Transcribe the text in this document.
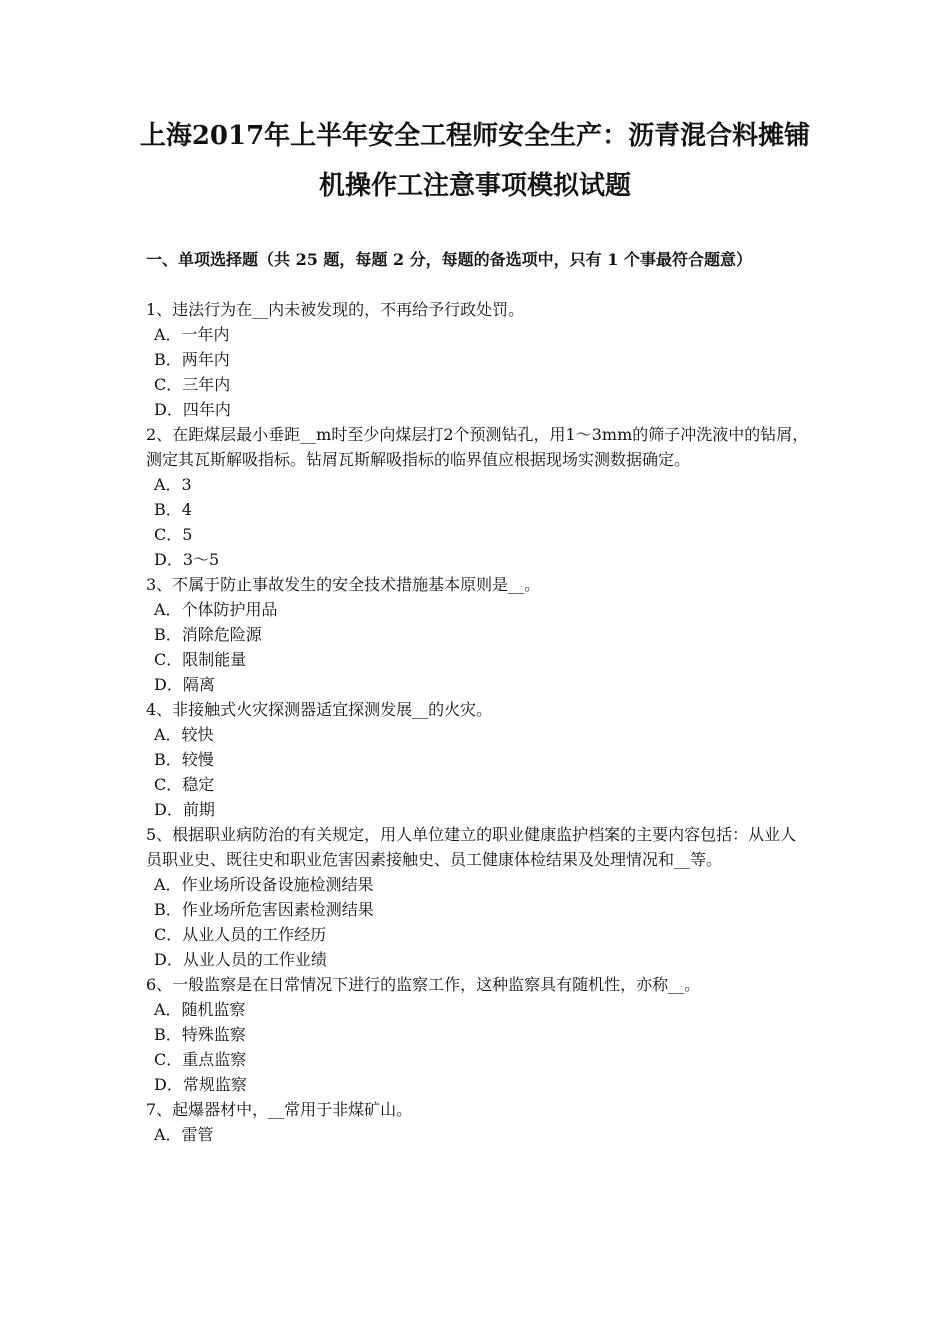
上海2017年上半年安全工程师安全生产：沥青混合料摊铺
机操作工注意事项模拟试题
一、单项选择题（共 25 题，每题 2 分，每题的备选项中，只有 1 个事最符合题意）

1、违法行为在__内未被发现的，不再给予行政处罚。

A．一年内

B．两年内

C．三年内

D．四年内

2、在距煤层最小垂距__m时至少向煤层打2个预测钻孔，用1～3mm的筛子冲洗液中的钻屑，测定其瓦斯解吸指标。钻屑瓦斯解吸指标的临界值应根据现场实测数据确定。

A．3

B．4

C．5

D．3～5

3、不属于防止事故发生的安全技术措施基本原则是__。

A．个体防护用品

B．消除危险源

C．限制能量

D．隔离

4、非接触式火灾探测器适宜探测发展__的火灾。

A．较快

B．较慢

C．稳定

D．前期

5、根据职业病防治的有关规定，用人单位建立的职业健康监护档案的主要内容包括：从业人员职业史、既往史和职业危害因素接触史、员工健康体检结果及处理情况和__等。

A．作业场所设备设施检测结果

B．作业场所危害因素检测结果

C．从业人员的工作经历

D．从业人员的工作业绩

6、一般监察是在日常情况下进行的监察工作，这种监察具有随机性，亦称__。

A．随机监察

B．特殊监察

C．重点监察

D．常规监察

7、起爆器材中，__常用于非煤矿山。

A．雷管
